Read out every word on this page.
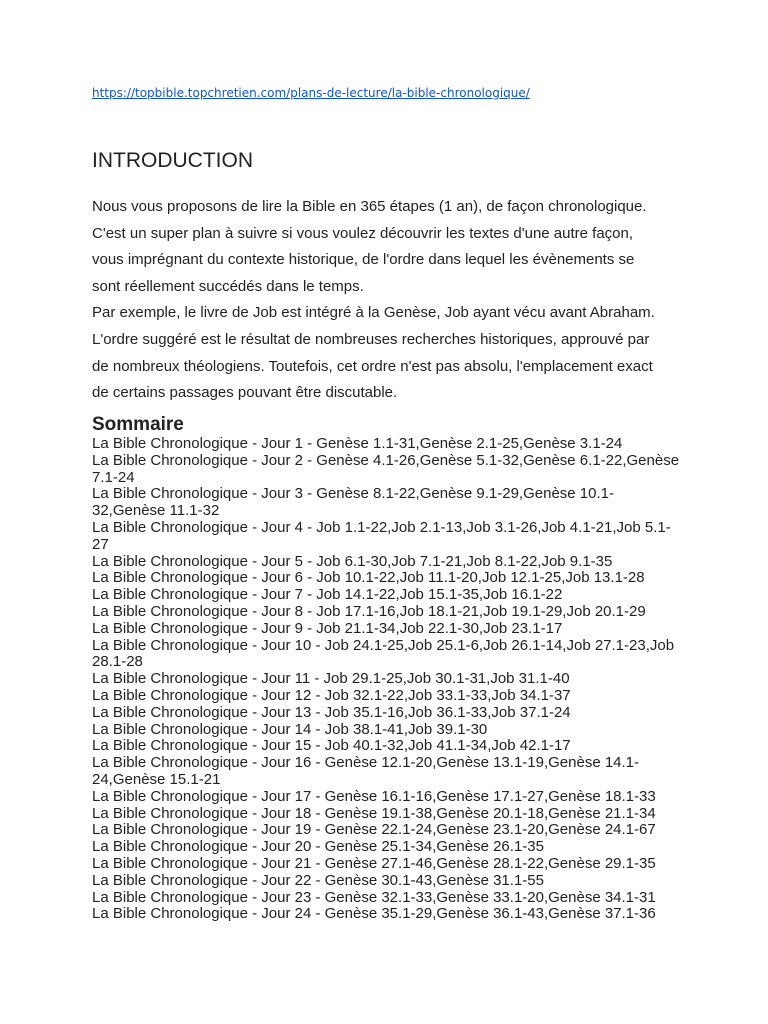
https://topbible.topchretien.com/plans-de-lecture/la-bible-chronologique/
INTRODUCTION
Nous vous proposons de lire la Bible en 365 étapes (1 an), de façon chronologique.
C'est un super plan à suivre si vous voulez découvrir les textes d'une autre façon,
vous imprégnant du contexte historique, de l'ordre dans lequel les évènements se
sont réellement succédés dans le temps.
Par exemple, le livre de Job est intégré à la Genèse, Job ayant vécu avant Abraham.
L'ordre suggéré est le résultat de nombreuses recherches historiques, approuvé par
de nombreux théologiens. Toutefois, cet ordre n'est pas absolu, l'emplacement exact
de certains passages pouvant être discutable.
Sommaire
La Bible Chronologique - Jour 1 - Genèse 1.1-31,Genèse 2.1-25,Genèse 3.1-24
La Bible Chronologique - Jour 2 - Genèse 4.1-26,Genèse 5.1-32,Genèse 6.1-22,Genèse 7.1-24
La Bible Chronologique - Jour 3 - Genèse 8.1-22,Genèse 9.1-29,Genèse 10.1-32,Genèse 11.1-32
La Bible Chronologique - Jour 4 - Job 1.1-22,Job 2.1-13,Job 3.1-26,Job 4.1-21,Job 5.1-27
La Bible Chronologique - Jour 5 - Job 6.1-30,Job 7.1-21,Job 8.1-22,Job 9.1-35
La Bible Chronologique - Jour 6 - Job 10.1-22,Job 11.1-20,Job 12.1-25,Job 13.1-28
La Bible Chronologique - Jour 7 - Job 14.1-22,Job 15.1-35,Job 16.1-22
La Bible Chronologique - Jour 8 - Job 17.1-16,Job 18.1-21,Job 19.1-29,Job 20.1-29
La Bible Chronologique - Jour 9 - Job 21.1-34,Job 22.1-30,Job 23.1-17
La Bible Chronologique - Jour 10 - Job 24.1-25,Job 25.1-6,Job 26.1-14,Job 27.1-23,Job 28.1-28
La Bible Chronologique - Jour 11 - Job 29.1-25,Job 30.1-31,Job 31.1-40
La Bible Chronologique - Jour 12 - Job 32.1-22,Job 33.1-33,Job 34.1-37
La Bible Chronologique - Jour 13 - Job 35.1-16,Job 36.1-33,Job 37.1-24
La Bible Chronologique - Jour 14 - Job 38.1-41,Job 39.1-30
La Bible Chronologique - Jour 15 - Job 40.1-32,Job 41.1-34,Job 42.1-17
La Bible Chronologique - Jour 16 - Genèse 12.1-20,Genèse 13.1-19,Genèse 14.1-24,Genèse 15.1-21
La Bible Chronologique - Jour 17 - Genèse 16.1-16,Genèse 17.1-27,Genèse 18.1-33
La Bible Chronologique - Jour 18 - Genèse 19.1-38,Genèse 20.1-18,Genèse 21.1-34
La Bible Chronologique - Jour 19 - Genèse 22.1-24,Genèse 23.1-20,Genèse 24.1-67
La Bible Chronologique - Jour 20 - Genèse 25.1-34,Genèse 26.1-35
La Bible Chronologique - Jour 21 - Genèse 27.1-46,Genèse 28.1-22,Genèse 29.1-35
La Bible Chronologique - Jour 22 - Genèse 30.1-43,Genèse 31.1-55
La Bible Chronologique - Jour 23 - Genèse 32.1-33,Genèse 33.1-20,Genèse 34.1-31
La Bible Chronologique - Jour 24 - Genèse 35.1-29,Genèse 36.1-43,Genèse 37.1-36
